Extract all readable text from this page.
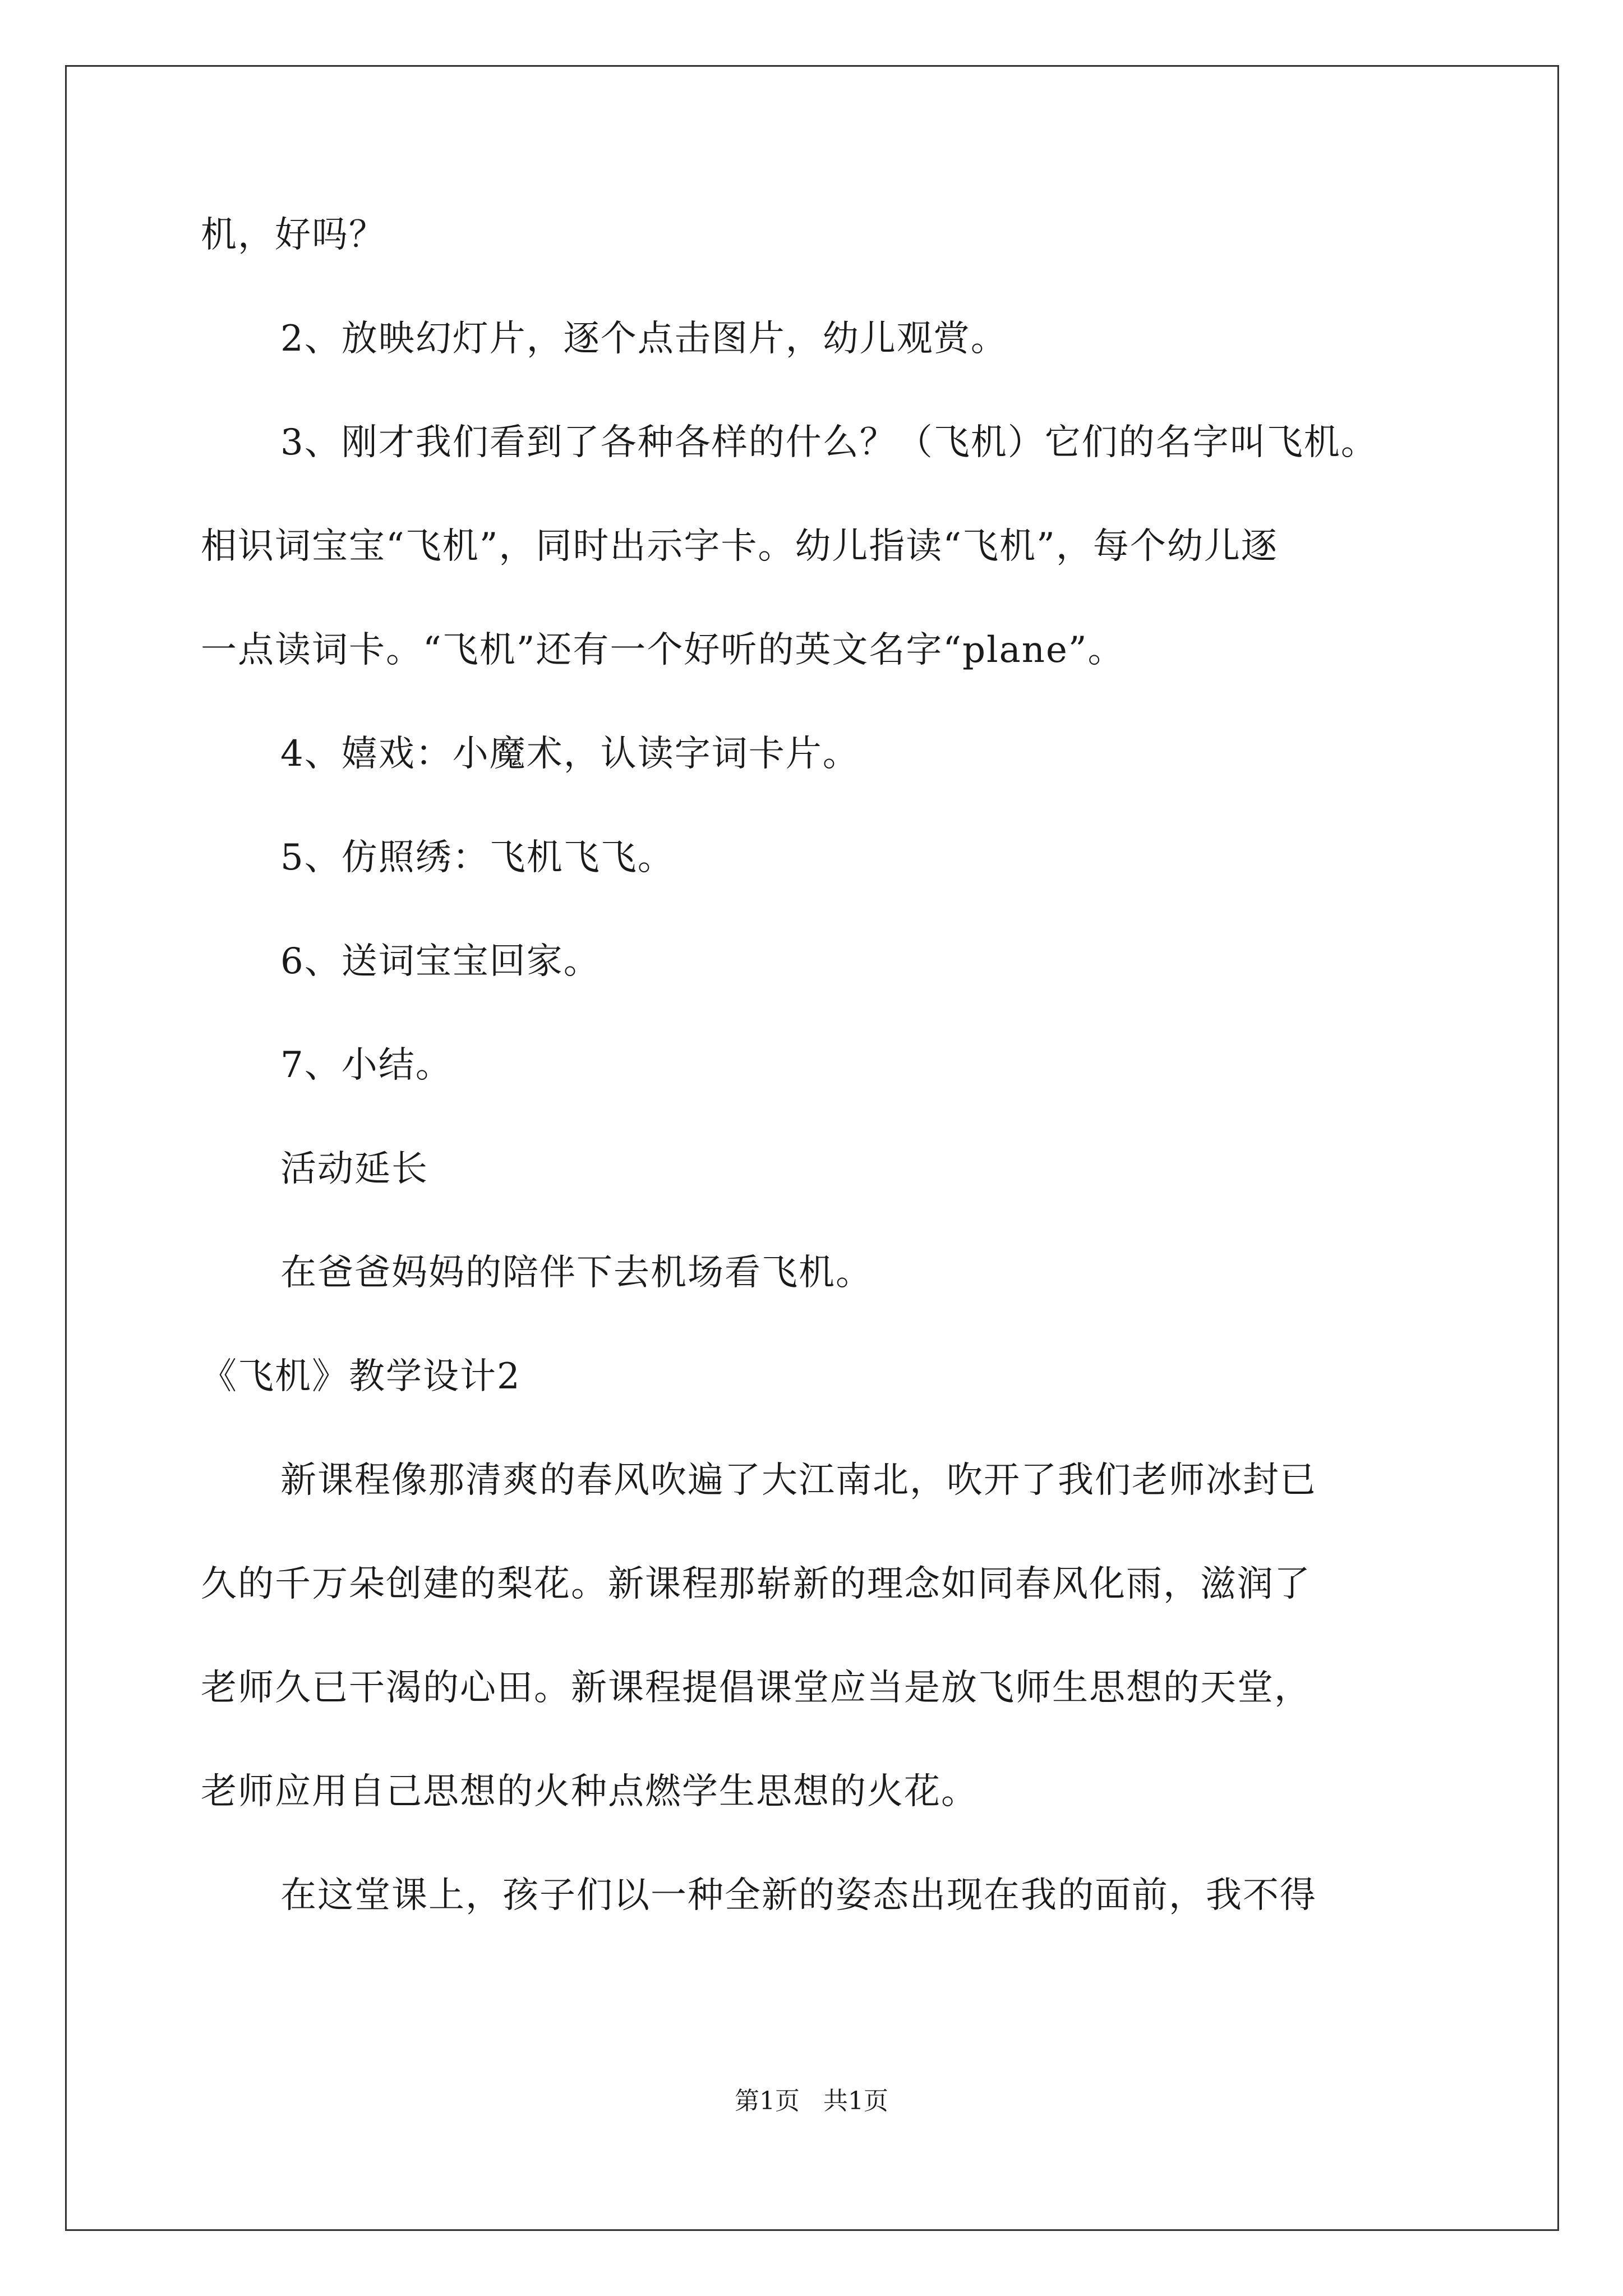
机，好吗？
2、放映幻灯片，逐个点击图片，幼儿观赏。
3、刚才我们看到了各种各样的什么？（飞机）它们的名字叫飞机。
相识词宝宝“飞机”，同时出示字卡。幼儿指读“飞机”，每个幼儿逐
一点读词卡。“飞机”还有一个好听的英文名字“plane”。
4、嬉戏：小魔术，认读字词卡片。
5、仿照绣：飞机飞飞。
6、送词宝宝回家。
7、小结。
活动延长
在爸爸妈妈的陪伴下去机场看飞机。
《飞机》教学设计2
新课程像那清爽的春风吹遍了大江南北，吹开了我们老师冰封已
久的千万朵创建的梨花。新课程那崭新的理念如同春风化雨，滋润了
老师久已干渴的心田。新课程提倡课堂应当是放飞师生思想的天堂，
老师应用自己思想的火种点燃学生思想的火花。
在这堂课上，孩子们以一种全新的姿态出现在我的面前，我不得
第1页   共1页
